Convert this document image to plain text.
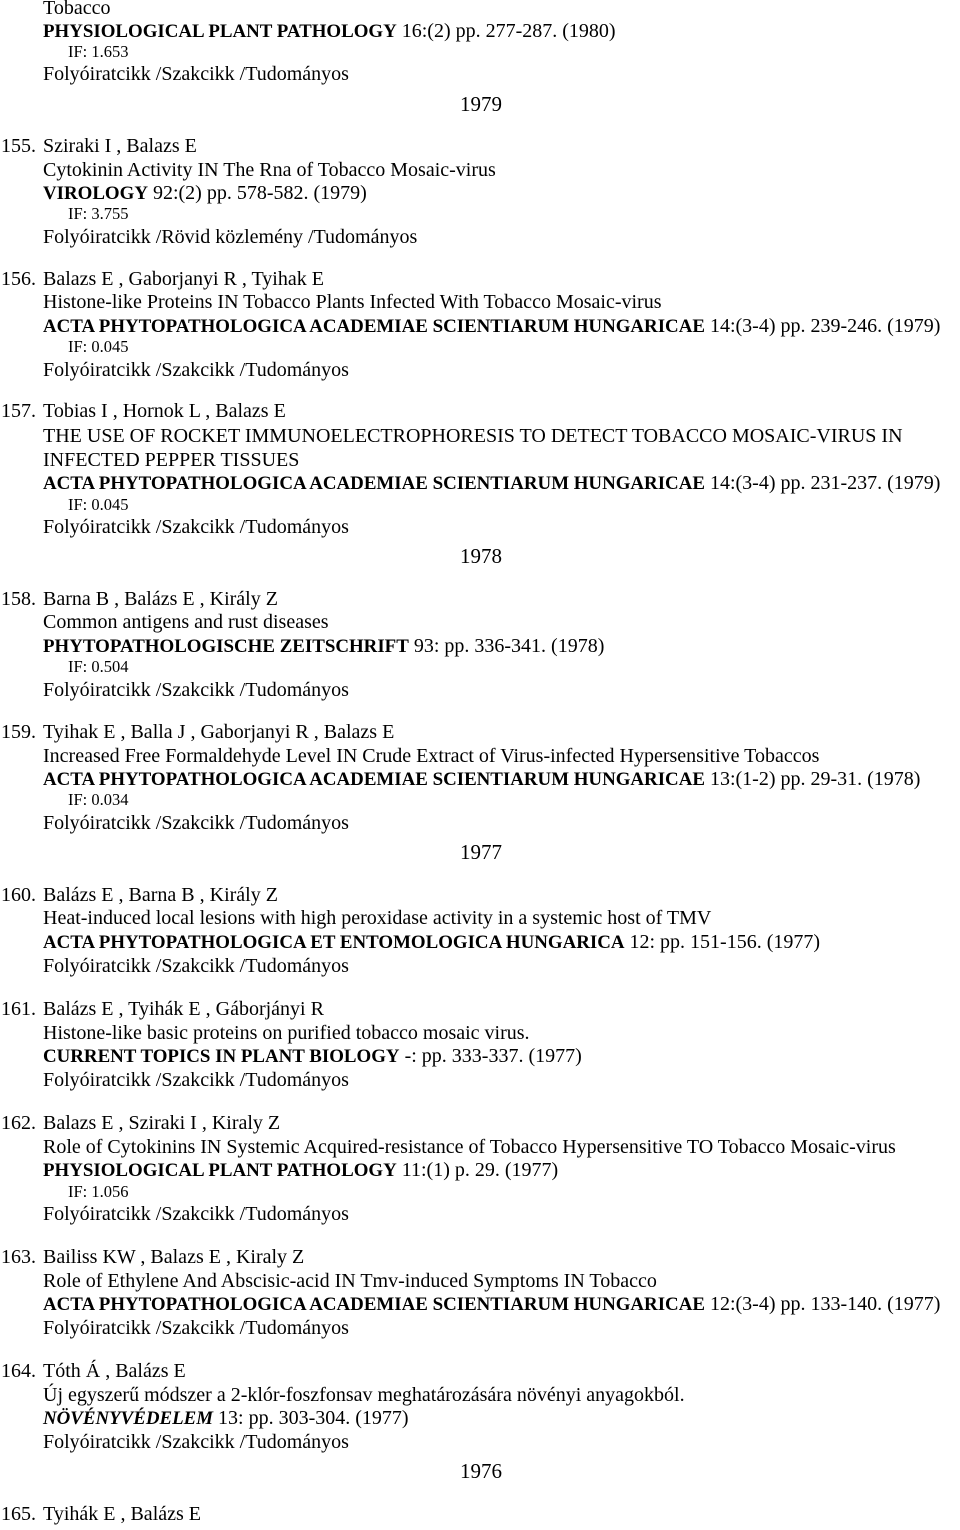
Tobacco
PHYSIOLOGICAL PLANT PATHOLOGY 16:(2) pp. 277-287. (1980)
IF: 1.653
Folyóiratcikk /Szakcikk /Tudományos
1979
155. Sziraki I , Balazs E
Cytokinin Activity IN The Rna of Tobacco Mosaic-virus
VIROLOGY 92:(2) pp. 578-582. (1979)
IF: 3.755
Folyóiratcikk /Rövid közlemény /Tudományos
156. Balazs E , Gaborjanyi R , Tyihak E
Histone-like Proteins IN Tobacco Plants Infected With Tobacco Mosaic-virus
ACTA PHYTOPATHOLOGICA ACADEMIAE SCIENTIARUM HUNGARICAE 14:(3-4) pp. 239-246. (1979)
IF: 0.045
Folyóiratcikk /Szakcikk /Tudományos
157. Tobias I , Hornok L , Balazs E
THE USE OF ROCKET IMMUNOELECTROPHORESIS TO DETECT TOBACCO MOSAIC-VIRUS IN
INFECTED PEPPER TISSUES
ACTA PHYTOPATHOLOGICA ACADEMIAE SCIENTIARUM HUNGARICAE 14:(3-4) pp. 231-237. (1979)
IF: 0.045
Folyóiratcikk /Szakcikk /Tudományos
1978
158. Barna B , Balázs E , Király Z
Common antigens and rust diseases
PHYTOPATHOLOGISCHE ZEITSCHRIFT 93: pp. 336-341. (1978)
IF: 0.504
Folyóiratcikk /Szakcikk /Tudományos
159. Tyihak E , Balla J , Gaborjanyi R , Balazs E
Increased Free Formaldehyde Level IN Crude Extract of Virus-infected Hypersensitive Tobaccos
ACTA PHYTOPATHOLOGICA ACADEMIAE SCIENTIARUM HUNGARICAE 13:(1-2) pp. 29-31. (1978)
IF: 0.034
Folyóiratcikk /Szakcikk /Tudományos
1977
160. Balázs E , Barna B , Király Z
Heat-induced local lesions with high peroxidase activity in a systemic host of TMV
ACTA PHYTOPATHOLOGICA ET ENTOMOLOGICA HUNGARICA 12: pp. 151-156. (1977)
Folyóiratcikk /Szakcikk /Tudományos
161. Balázs E , Tyihák E , Gáborjányi R
Histone-like basic proteins on purified tobacco mosaic virus.
CURRENT TOPICS IN PLANT BIOLOGY -: pp. 333-337. (1977)
Folyóiratcikk /Szakcikk /Tudományos
162. Balazs E , Sziraki I , Kiraly Z
Role of Cytokinins IN Systemic Acquired-resistance of Tobacco Hypersensitive TO Tobacco Mosaic-virus
PHYSIOLOGICAL PLANT PATHOLOGY 11:(1) p. 29. (1977)
IF: 1.056
Folyóiratcikk /Szakcikk /Tudományos
163. Bailiss KW , Balazs E , Kiraly Z
Role of Ethylene And Abscisic-acid IN Tmv-induced Symptoms IN Tobacco
ACTA PHYTOPATHOLOGICA ACADEMIAE SCIENTIARUM HUNGARICAE 12:(3-4) pp. 133-140. (1977)
Folyóiratcikk /Szakcikk /Tudományos
164. Tóth Á , Balázs E
Új egyszerű módszer a 2-klór-foszfonsav meghatározására növényi anyagokból.
NÖVÉNYVÉDELEM 13: pp. 303-304. (1977)
Folyóiratcikk /Szakcikk /Tudományos
1976
165. Tyihák E , Balázs E
